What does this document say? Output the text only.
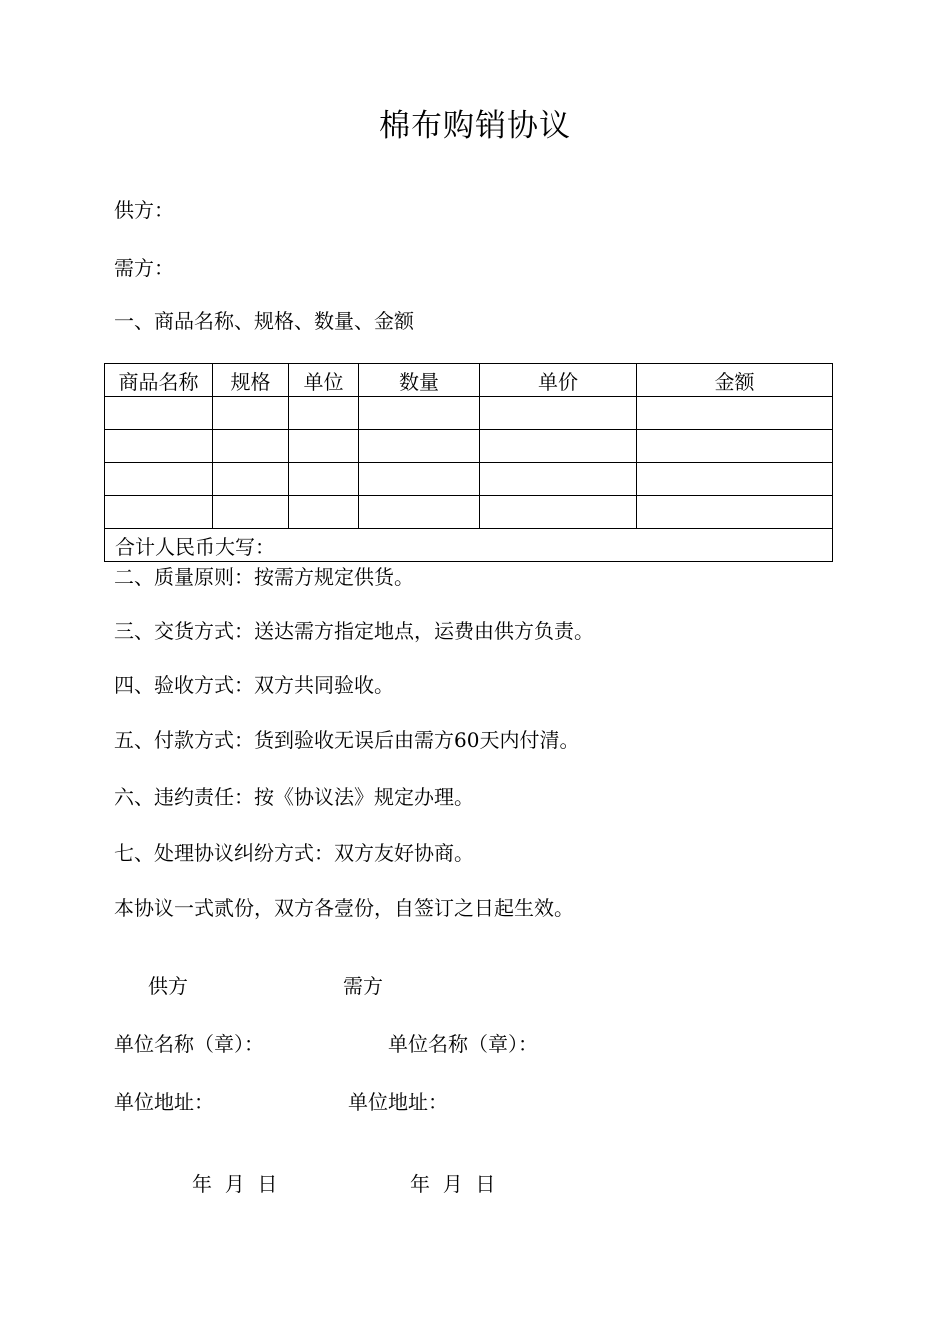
棉布购销协议
供方：
需方：
一、商品名称、规格、数量、金额
商品名称	规格	单位	数量	单价	金额

合计人民币大写：					
二、质量原则：按需方规定供货。
三、交货方式：送达需方指定地点，运费由供方负责。
四、验收方式：双方共同验收。
五、付款方式：货到验收无误后由需方60天内付清。
六、违约责任：按《协议法》规定办理。
七、处理协议纠纷方式：双方友好协商。
本协议一式贰份，双方各壹份，自签订之日起生效。
供方	需方
单位名称（章）：	单位名称（章）：
单位地址：	单位地址：
年  月  日	年  月  日
